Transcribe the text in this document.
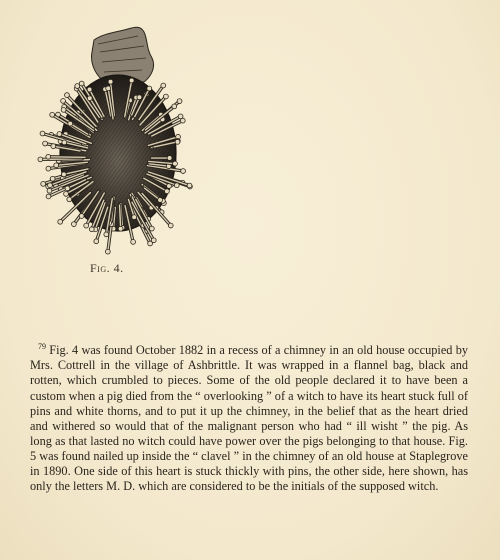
Fig. 4.

$^{79}$ Fig. 4 was found October 1882 in a recess of a chimney in an old house occupied by Mrs. Cottrell in the village of Ashbrittle. It was wrapped in a flannel bag, black and rotten, which crumbled to pieces. Some of the old people declared it to have been a custom when a pig died from the “ overlooking ” of a witch to have its heart stuck full of pins and white thorns, and to put it up the chimney, in the belief that as the heart dried and withered so would that of the malignant person who had “ ill wisht ” the pig. As long as that lasted no witch could have power over the pigs belonging to that house. Fig. 5 was found nailed up inside the “ clavel ” in the chimney of an old house at Staplegrove in 1890. One side of this heart is stuck thickly with pins, the other side, here shown, has only the letters M. D. which are considered to be the initials of the supposed witch.
